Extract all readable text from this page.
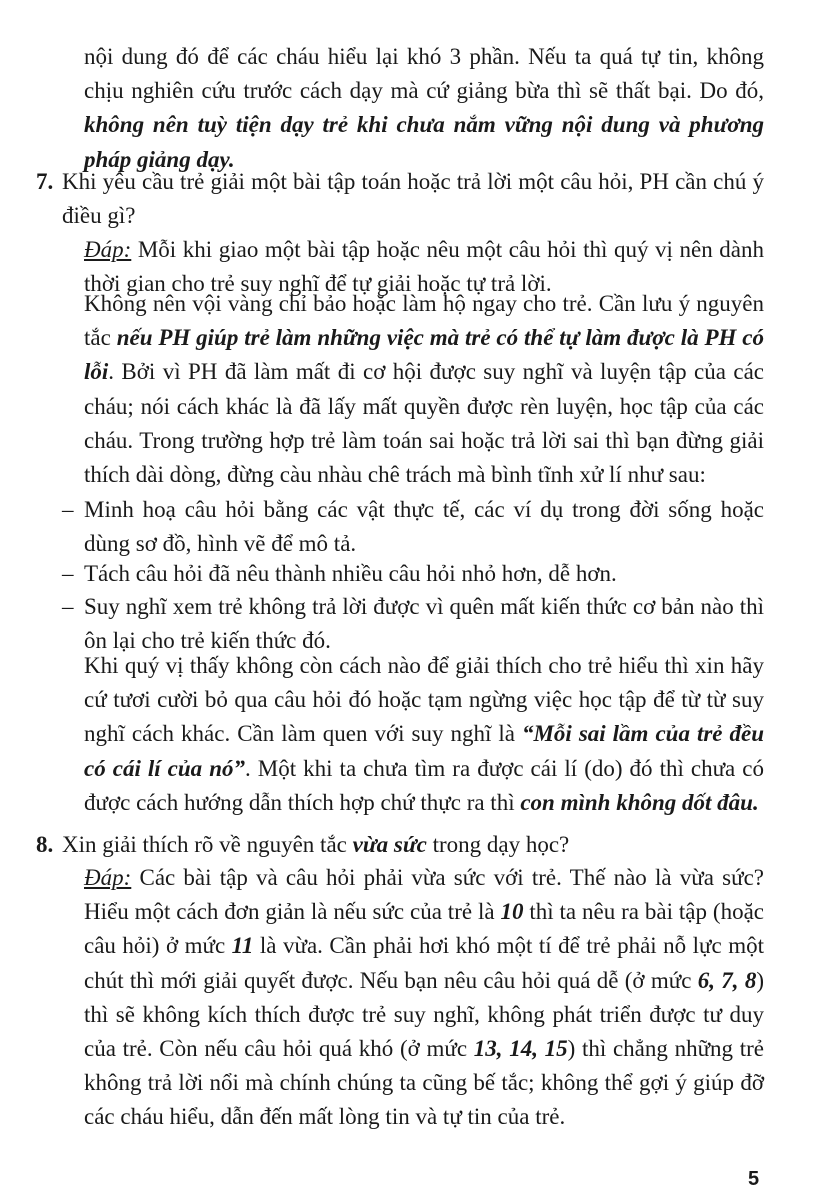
nội dung đó để các cháu hiểu lại khó 3 phần. Nếu ta quá tự tin, không chịu nghiên cứu trước cách dạy mà cứ giảng bừa thì sẽ thất bại. Do đó, không nên tuỳ tiện dạy trẻ khi chưa nắm vững nội dung và phương pháp giảng dạy.

7. Khi yêu cầu trẻ giải một bài tập toán hoặc trả lời một câu hỏi, PH cần chú ý điều gì?

Đáp: Mỗi khi giao một bài tập hoặc nêu một câu hỏi thì quý vị nên dành thời gian cho trẻ suy nghĩ để tự giải hoặc tự trả lời.

Không nên vội vàng chỉ bảo hoặc làm hộ ngay cho trẻ. Cần lưu ý nguyên tắc nếu PH giúp trẻ làm những việc mà trẻ có thể tự làm được là PH có lỗi. Bởi vì PH đã làm mất đi cơ hội được suy nghĩ và luyện tập của các cháu; nói cách khác là đã lấy mất quyền được rèn luyện, học tập của các cháu. Trong trường hợp trẻ làm toán sai hoặc trả lời sai thì bạn đừng giải thích dài dòng, đừng càu nhàu chê trách mà bình tĩnh xử lí như sau:

– Minh hoạ câu hỏi bằng các vật thực tế, các ví dụ trong đời sống hoặc dùng sơ đồ, hình vẽ để mô tả.

– Tách câu hỏi đã nêu thành nhiều câu hỏi nhỏ hơn, dễ hơn.

– Suy nghĩ xem trẻ không trả lời được vì quên mất kiến thức cơ bản nào thì ôn lại cho trẻ kiến thức đó.

Khi quý vị thấy không còn cách nào để giải thích cho trẻ hiểu thì xin hãy cứ tươi cười bỏ qua câu hỏi đó hoặc tạm ngừng việc học tập để từ từ suy nghĩ cách khác. Cần làm quen với suy nghĩ là “Mỗi sai lầm của trẻ đều có cái lí của nó”. Một khi ta chưa tìm ra được cái lí (do) đó thì chưa có được cách hướng dẫn thích hợp chứ thực ra thì con mình không dốt đâu.

8. Xin giải thích rõ về nguyên tắc vừa sức trong dạy học?

Đáp: Các bài tập và câu hỏi phải vừa sức với trẻ. Thế nào là vừa sức? Hiểu một cách đơn giản là nếu sức của trẻ là 10 thì ta nêu ra bài tập (hoặc câu hỏi) ở mức 11 là vừa. Cần phải hơi khó một tí để trẻ phải nỗ lực một chút thì mới giải quyết được. Nếu bạn nêu câu hỏi quá dễ (ở mức 6, 7, 8) thì sẽ không kích thích được trẻ suy nghĩ, không phát triển được tư duy của trẻ. Còn nếu câu hỏi quá khó (ở mức 13, 14, 15) thì chẳng những trẻ không trả lời nổi mà chính chúng ta cũng bế tắc; không thể gợi ý giúp đỡ các cháu hiểu, dẫn đến mất lòng tin và tự tin của trẻ.

5
